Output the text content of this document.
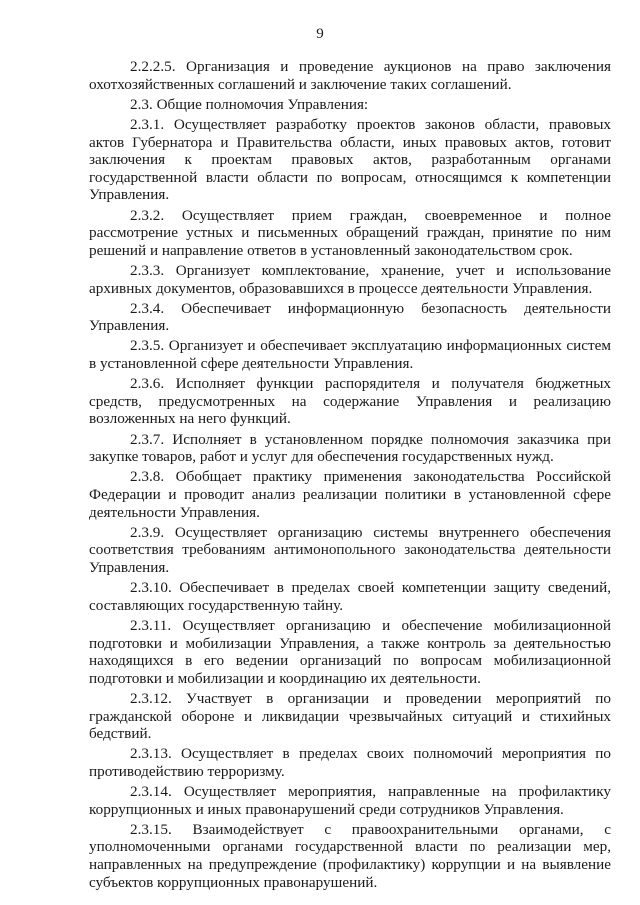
9

2.2.2.5. Организация и проведение аукционов на право заключения охотхозяйственных соглашений и заключение таких соглашений.

2.3. Общие полномочия Управления:

2.3.1. Осуществляет разработку проектов законов области, правовых актов Губернатора и Правительства области, иных правовых актов, готовит заключения к проектам правовых актов, разработанным органами государственной власти области по вопросам, относящимся к компетенции Управления.

2.3.2. Осуществляет прием граждан, своевременное и полное рассмотрение устных и письменных обращений граждан, принятие по ним решений и направление ответов в установленный законодательством срок.

2.3.3. Организует комплектование, хранение, учет и использование архивных документов, образовавшихся в процессе деятельности Управления.

2.3.4. Обеспечивает информационную безопасность деятельности Управления.

2.3.5. Организует и обеспечивает эксплуатацию информационных систем в установленной сфере деятельности Управления.

2.3.6. Исполняет функции распорядителя и получателя бюджетных средств, предусмотренных на содержание Управления и реализацию возложенных на него функций.

2.3.7. Исполняет в установленном порядке полномочия заказчика при закупке товаров, работ и услуг для обеспечения государственных нужд.

2.3.8. Обобщает практику применения законодательства Российской Федерации и проводит анализ реализации политики в установленной сфере деятельности Управления.

2.3.9. Осуществляет организацию системы внутреннего обеспечения соответствия требованиям антимонопольного законодательства деятельности Управления.

2.3.10. Обеспечивает в пределах своей компетенции защиту сведений, составляющих государственную тайну.

2.3.11. Осуществляет организацию и обеспечение мобилизационной подготовки и мобилизации Управления, а также контроль за деятельностью находящихся в его ведении организаций по вопросам мобилизационной подготовки и мобилизации и координацию их деятельности.

2.3.12. Участвует в организации и проведении мероприятий по гражданской обороне и ликвидации чрезвычайных ситуаций и стихийных бедствий.

2.3.13. Осуществляет в пределах своих полномочий мероприятия по противодействию терроризму.

2.3.14. Осуществляет мероприятия, направленные на профилактику коррупционных и иных правонарушений среди сотрудников Управления.

2.3.15. Взаимодействует с правоохранительными органами, с уполномоченными органами государственной власти по реализации мер, направленных на предупреждение (профилактику) коррупции и на выявление субъектов коррупционных правонарушений.
